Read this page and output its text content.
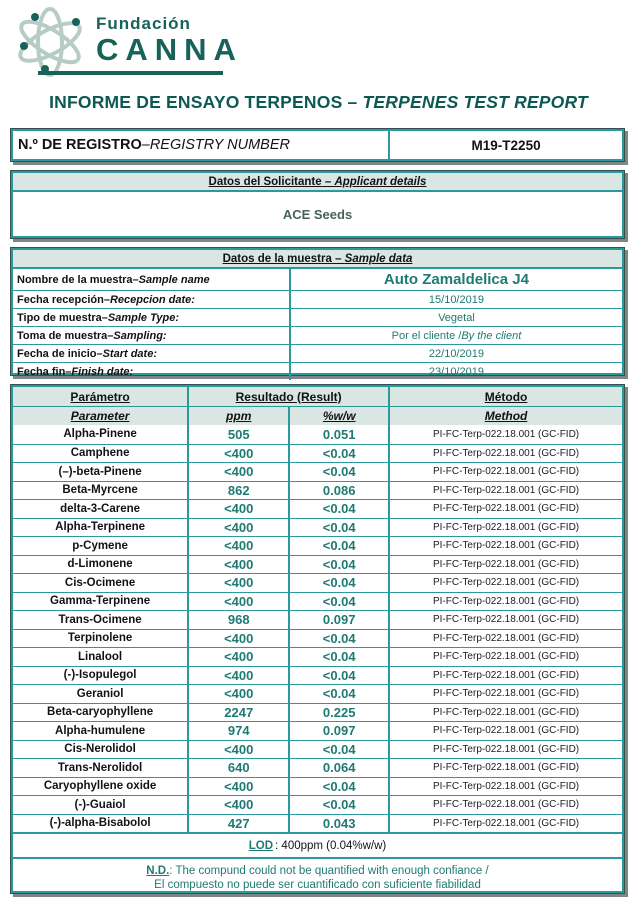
Fundación
CANNA
INFORME DE ENSAYO TERPENOS – TERPENES TEST REPORT
N.º DE REGISTRO – REGISTRY NUMBER	M19-T2250
Datos del Solicitante – Applicant details
ACE Seeds
Datos de la muestra – Sample data
Nombre de la muestra – Sample name	Auto Zamaldelica J4
Fecha recepción – Recepcion date:	15/10/2019
Tipo de muestra – Sample Type:	Vegetal
Toma de muestra – Sampling:	Por el cliente / By the client
Fecha de inicio – Start date:	22/10/2019
Fecha fin – Finish date:	23/10/2019
Parámetro	Resultado (Result)	Método
Parameter	ppm	%w/w	Method
Alpha-Pinene	505	0.051	PI-FC-Terp-022.18.001 (GC-FID)
Camphene	<400	<0.04	PI-FC-Terp-022.18.001 (GC-FID)
(–)-beta-Pinene	<400	<0.04	PI-FC-Terp-022.18.001 (GC-FID)
Beta-Myrcene	862	0.086	PI-FC-Terp-022.18.001 (GC-FID)
delta-3-Carene	<400	<0.04	PI-FC-Terp-022.18.001 (GC-FID)
Alpha-Terpinene	<400	<0.04	PI-FC-Terp-022.18.001 (GC-FID)
p-Cymene	<400	<0.04	PI-FC-Terp-022.18.001 (GC-FID)
d-Limonene	<400	<0.04	PI-FC-Terp-022.18.001 (GC-FID)
Cis-Ocimene	<400	<0.04	PI-FC-Terp-022.18.001 (GC-FID)
Gamma-Terpinene	<400	<0.04	PI-FC-Terp-022.18.001 (GC-FID)
Trans-Ocimene	968	0.097	PI-FC-Terp-022.18.001 (GC-FID)
Terpinolene	<400	<0.04	PI-FC-Terp-022.18.001 (GC-FID)
Linalool	<400	<0.04	PI-FC-Terp-022.18.001 (GC-FID)
(-)-Isopulegol	<400	<0.04	PI-FC-Terp-022.18.001 (GC-FID)
Geraniol	<400	<0.04	PI-FC-Terp-022.18.001 (GC-FID)
Beta-caryophyllene	2247	0.225	PI-FC-Terp-022.18.001 (GC-FID)
Alpha-humulene	974	0.097	PI-FC-Terp-022.18.001 (GC-FID)
Cis-Nerolidol	<400	<0.04	PI-FC-Terp-022.18.001 (GC-FID)
Trans-Nerolidol	640	0.064	PI-FC-Terp-022.18.001 (GC-FID)
Caryophyllene oxide	<400	<0.04	PI-FC-Terp-022.18.001 (GC-FID)
(-)-Guaiol	<400	<0.04	PI-FC-Terp-022.18.001 (GC-FID)
(-)-alpha-Bisabolol	427	0.043	PI-FC-Terp-022.18.001 (GC-FID)
LOD : 400ppm (0.04%w/w)
N.D.: The compund could not be quantified with enough confiance /
El compuesto no puede ser cuantificado con suficiente fiabilidad
